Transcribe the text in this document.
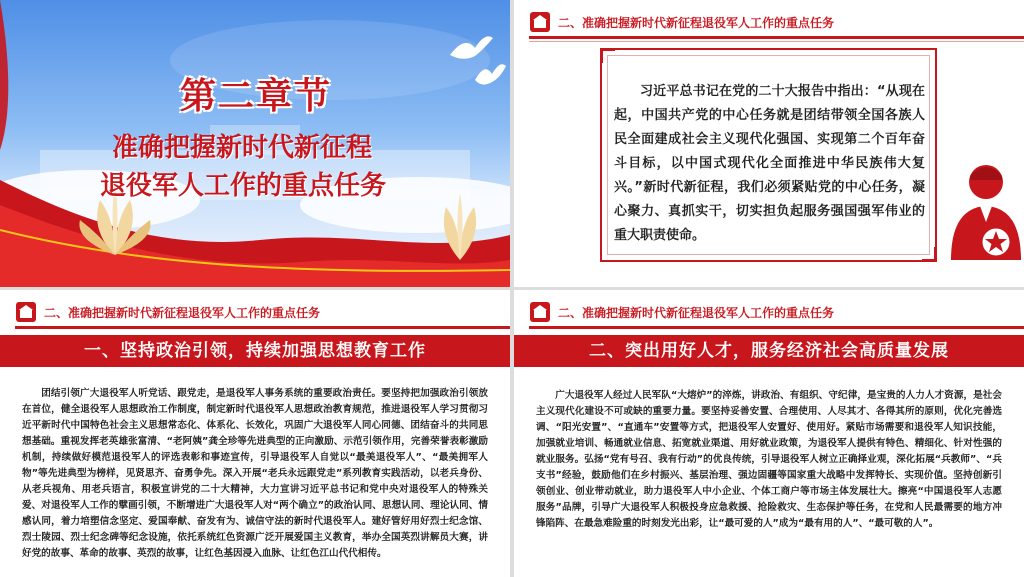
第二章节
准确把握新时代新征程
退役军人工作的重点任务
二、准确把握新时代新征程退役军人工作的重点任务
习近平总书记在党的二十大报告中指出：“从现在起，中国共产党的中心任务就是团结带领全国各族人民全面建成社会主义现代化强国、实现第二个百年奋斗目标，以中国式现代化全面推进中华民族伟大复兴。”新时代新征程，我们必须紧贴党的中心任务，凝心聚力、真抓实干，切实担负起服务强国强军伟业的重大职责使命。
二、准确把握新时代新征程退役军人工作的重点任务
一、坚持政治引领，持续加强思想教育工作
团结引领广大退役军人听党话、跟党走，是退役军人事务系统的重要政治责任。要坚持把加强政治引领放在首位，健全退役军人思想政治工作制度，制定新时代退役军人思想政治教育规范，推进退役军人学习贯彻习近平新时代中国特色社会主义思想常态化、体系化、长效化，巩固广大退役军人同心同德、团结奋斗的共同思想基础。重视发挥老英雄张富清、“老阿姨”龚全珍等先进典型的正向激励、示范引领作用，完善荣誉表彰激励机制，持续做好模范退役军人的评选表彰和事迹宣传，引导退役军人自觉以“最美退役军人”、“最美拥军人物”等先进典型为榜样，见贤思齐、奋勇争先。深入开展“老兵永远跟党走”系列教育实践活动，以老兵身份、从老兵视角、用老兵语言，积极宣讲党的二十大精神，大力宣讲习近平总书记和党中央对退役军人的特殊关爱、对退役军人工作的擘画引领，不断增进广大退役军人对“两个确立”的政治认同、思想认同、理论认同、情感认同，着力培塑信念坚定、爱国奉献、奋发有为、诚信守法的新时代退役军人。建好管好用好烈士纪念馆、烈士陵园、烈士纪念碑等纪念设施，依托系统红色资源广泛开展爱国主义教育，举办全国英烈讲解员大赛，讲好党的故事、革命的故事、英烈的故事，让红色基因浸入血脉、让红色江山代代相传。
二、准确把握新时代新征程退役军人工作的重点任务
二、突出用好人才，服务经济社会高质量发展
广大退役军人经过人民军队“大熔炉”的淬炼，讲政治、有组织、守纪律，是宝贵的人力人才资源，是社会主义现代化建设不可或缺的重要力量。要坚持妥善安置、合理使用、人尽其才、各得其所的原则，优化完善选调、“阳光安置”、“直通车”安置等方式，把退役军人安置好、使用好。紧贴市场需要和退役军人知识技能，加强就业培训、畅通就业信息、拓宽就业渠道、用好就业政策，为退役军人提供有特色、精细化、针对性强的就业服务。弘扬“党有号召、我有行动”的优良传统，引导退役军人树立正确择业观，深化拓展“兵教师”、“兵支书”经验，鼓励他们在乡村振兴、基层治理、强边固疆等国家重大战略中发挥特长、实现价值。坚持创新引领创业、创业带动就业，助力退役军人中小企业、个体工商户等市场主体发展壮大。擦亮“中国退役军人志愿服务”品牌，引导广大退役军人积极投身应急救援、抢险救灾、生态保护等任务，在党和人民最需要的地方冲锋陷阵、在最急难险重的时刻发光出彩，让“最可爱的人”成为“最有用的人”、“最可敬的人”。
